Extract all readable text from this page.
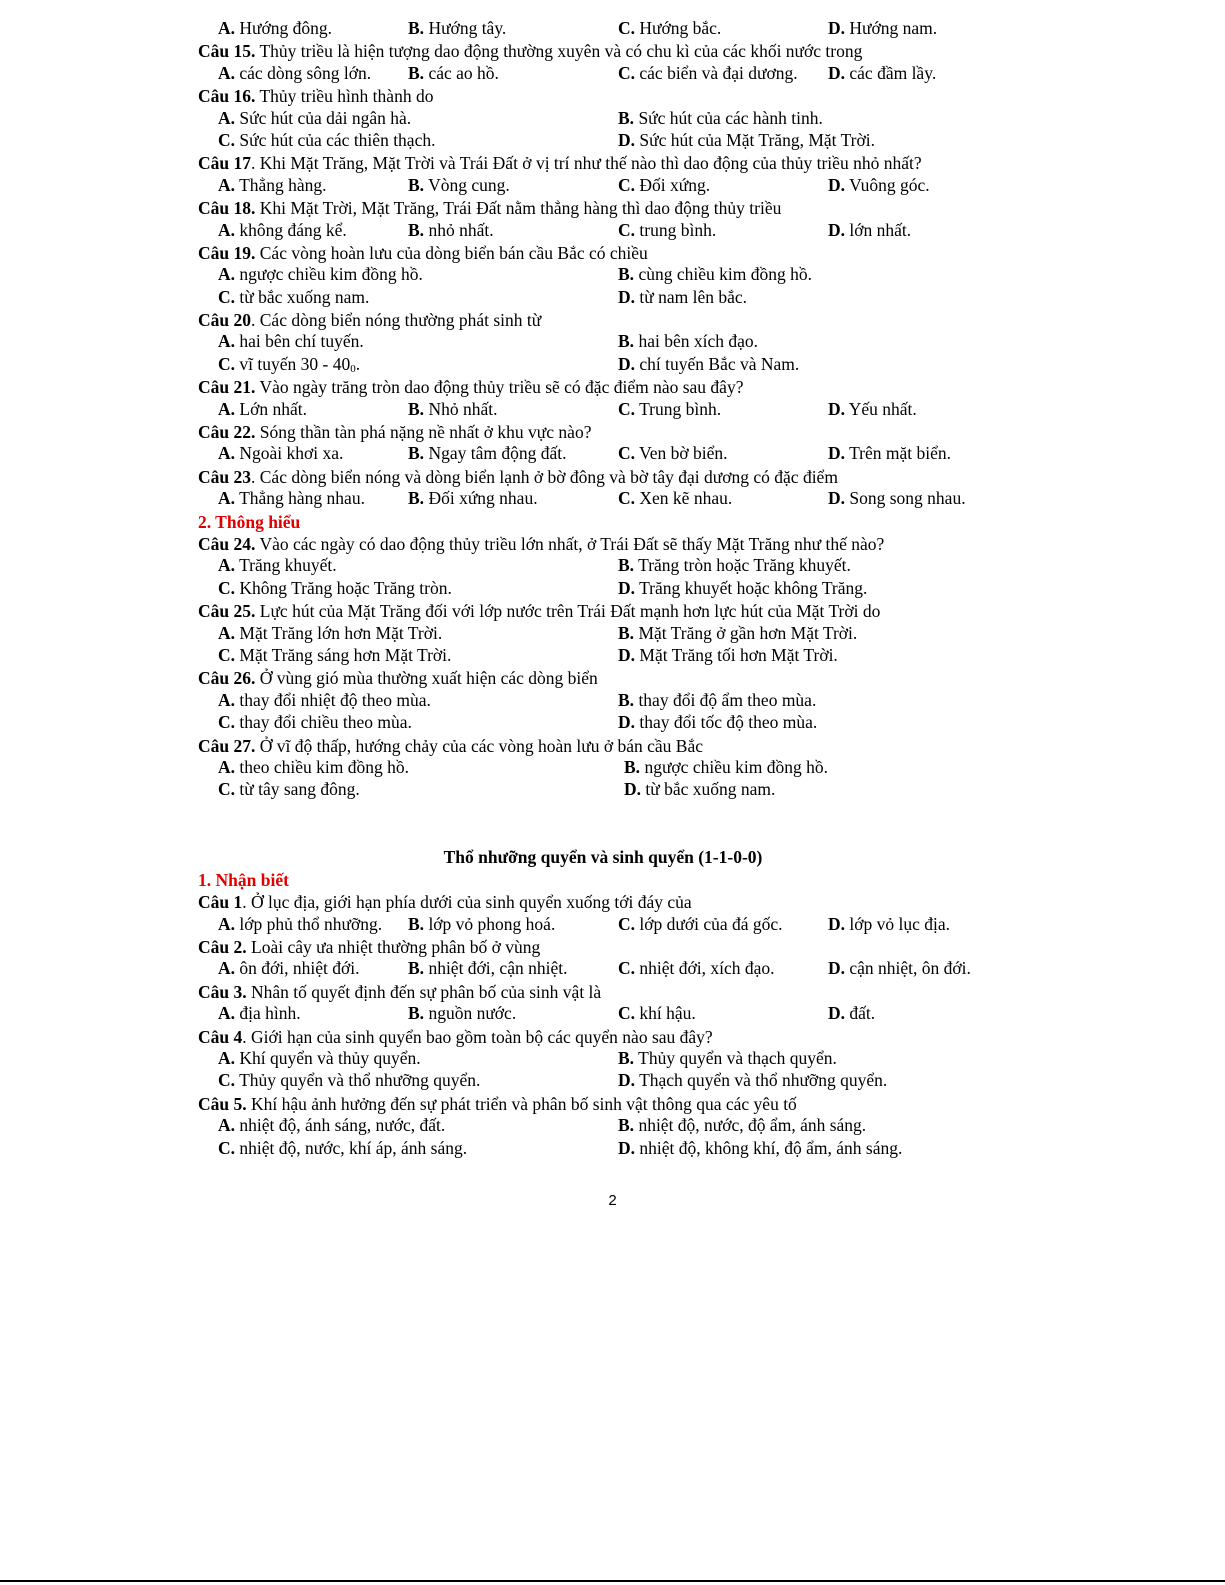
A. Hướng đông.	B. Hướng tây.	C. Hướng bắc.	D. Hướng nam.
Câu 15. Thủy triều là hiện tượng dao động thường xuyên và có chu kì của các khối nước trong
A. các dòng sông lớn. B. các ao hồ.	C. các biển và đại dương. D. các đầm lầy.
Câu 16. Thủy triều hình thành do
A. Sức hút của dải ngân hà.	B. Sức hút của các hành tinh.
C. Sức hút của các thiên thạch.	D. Sức hút của Mặt Trăng, Mặt Trời.
Câu 17. Khi Mặt Trăng, Mặt Trời và Trái Đất ở vị trí như thế nào thì dao động của thủy triều nhỏ nhất?
A. Thẳng hàng.	B. Vòng cung.	C. Đối xứng.	D. Vuông góc.
Câu 18. Khi Mặt Trời, Mặt Trăng, Trái Đất nằm thẳng hàng thì dao động thủy triều
A. không đáng kể.	B. nhỏ nhất.	C. trung bình.	D. lớn nhất.
Câu 19. Các vòng hoàn lưu của dòng biển bán cầu Bắc có chiều
A. ngược chiều kim đồng hồ.	B. cùng chiều kim đồng hồ.
C. từ bắc xuống nam.	D. từ nam lên bắc.
Câu 20. Các dòng biển nóng thường phát sinh từ
A. hai bên chí tuyến.	B. hai bên xích đạo.
C. vĩ tuyến $30 - 40_0$.	D. chí tuyến Bắc và Nam.
Câu 21. Vào ngày trăng tròn dao động thủy triều sẽ có đặc điểm nào sau đây?
A. Lớn nhất.	B. Nhỏ nhất.	C. Trung bình.	D. Yếu nhất.
Câu 22. Sóng thần tàn phá nặng nề nhất ở khu vực nào?
A. Ngoài khơi xa.	B. Ngay tâm động đất.	C. Ven bờ biển.	D. Trên mặt biển.
Câu 23. Các dòng biển nóng và dòng biển lạnh ở bờ đông và bờ tây đại dương có đặc điểm
A. Thẳng hàng nhau. B. Đối xứng nhau.	C. Xen kẽ nhau.	D. Song song nhau.
2. Thông hiểu
Câu 24. Vào các ngày có dao động thủy triều lớn nhất, ở Trái Đất sẽ thấy Mặt Trăng như thế nào?
A. Trăng khuyết.	B. Trăng tròn hoặc Trăng khuyết.
C. Không Trăng hoặc Trăng tròn.	D. Trăng khuyết hoặc không Trăng.
Câu 25. Lực hút của Mặt Trăng đối với lớp nước trên Trái Đất mạnh hơn lực hút của Mặt Trời do
A. Mặt Trăng lớn hơn Mặt Trời.	B. Mặt Trăng ở gần hơn Mặt Trời.
C. Mặt Trăng sáng hơn Mặt Trời.	D. Mặt Trăng tối hơn Mặt Trời.
Câu 26. Ở vùng gió mùa thường xuất hiện các dòng biển
A. thay đổi nhiệt độ theo mùa.	B. thay đổi độ ẩm theo mùa.
C. thay đổi chiều theo mùa.	D. thay đổi tốc độ theo mùa.
Câu 27. Ở vĩ độ thấp, hướng chảy của các vòng hoàn lưu ở bán cầu Bắc
A. theo chiều kim đồng hồ.	B. ngược chiều kim đồng hồ.
C. từ tây sang đông.	D. từ bắc xuống nam.
Thổ nhưỡng quyển và sinh quyển (1-1-0-0)
1. Nhận biết
Câu 1. Ở lục địa, giới hạn phía dưới của sinh quyển xuống tới đáy của
A. lớp phủ thổ nhưỡng. B. lớp vỏ phong hoá.	C. lớp dưới của đá gốc.	D. lớp vỏ lục địa.
Câu 2. Loài cây ưa nhiệt thường phân bố ở vùng
A. ôn đới, nhiệt đới.	B. nhiệt đới, cận nhiệt.	C. nhiệt đới, xích đạo.	D. cận nhiệt, ôn đới.
Câu 3. Nhân tố quyết định đến sự phân bố của sinh vật là
A. địa hình.	B. nguồn nước.	C. khí hậu.	D. đất.
Câu 4. Giới hạn của sinh quyển bao gồm toàn bộ các quyển nào sau đây?
A. Khí quyển và thủy quyển.	B. Thủy quyển và thạch quyển.
C. Thủy quyển và thổ nhưỡng quyển.	D. Thạch quyển và thổ nhưỡng quyển.
Câu 5. Khí hậu ảnh hưởng đến sự phát triển và phân bố sinh vật thông qua các yêu tố
A. nhiệt độ, ánh sáng, nước, đất.	B. nhiệt độ, nước, độ ẩm, ánh sáng.
C. nhiệt độ, nước, khí áp, ánh sáng.	D. nhiệt độ, không khí, độ ẩm, ánh sáng.
2
